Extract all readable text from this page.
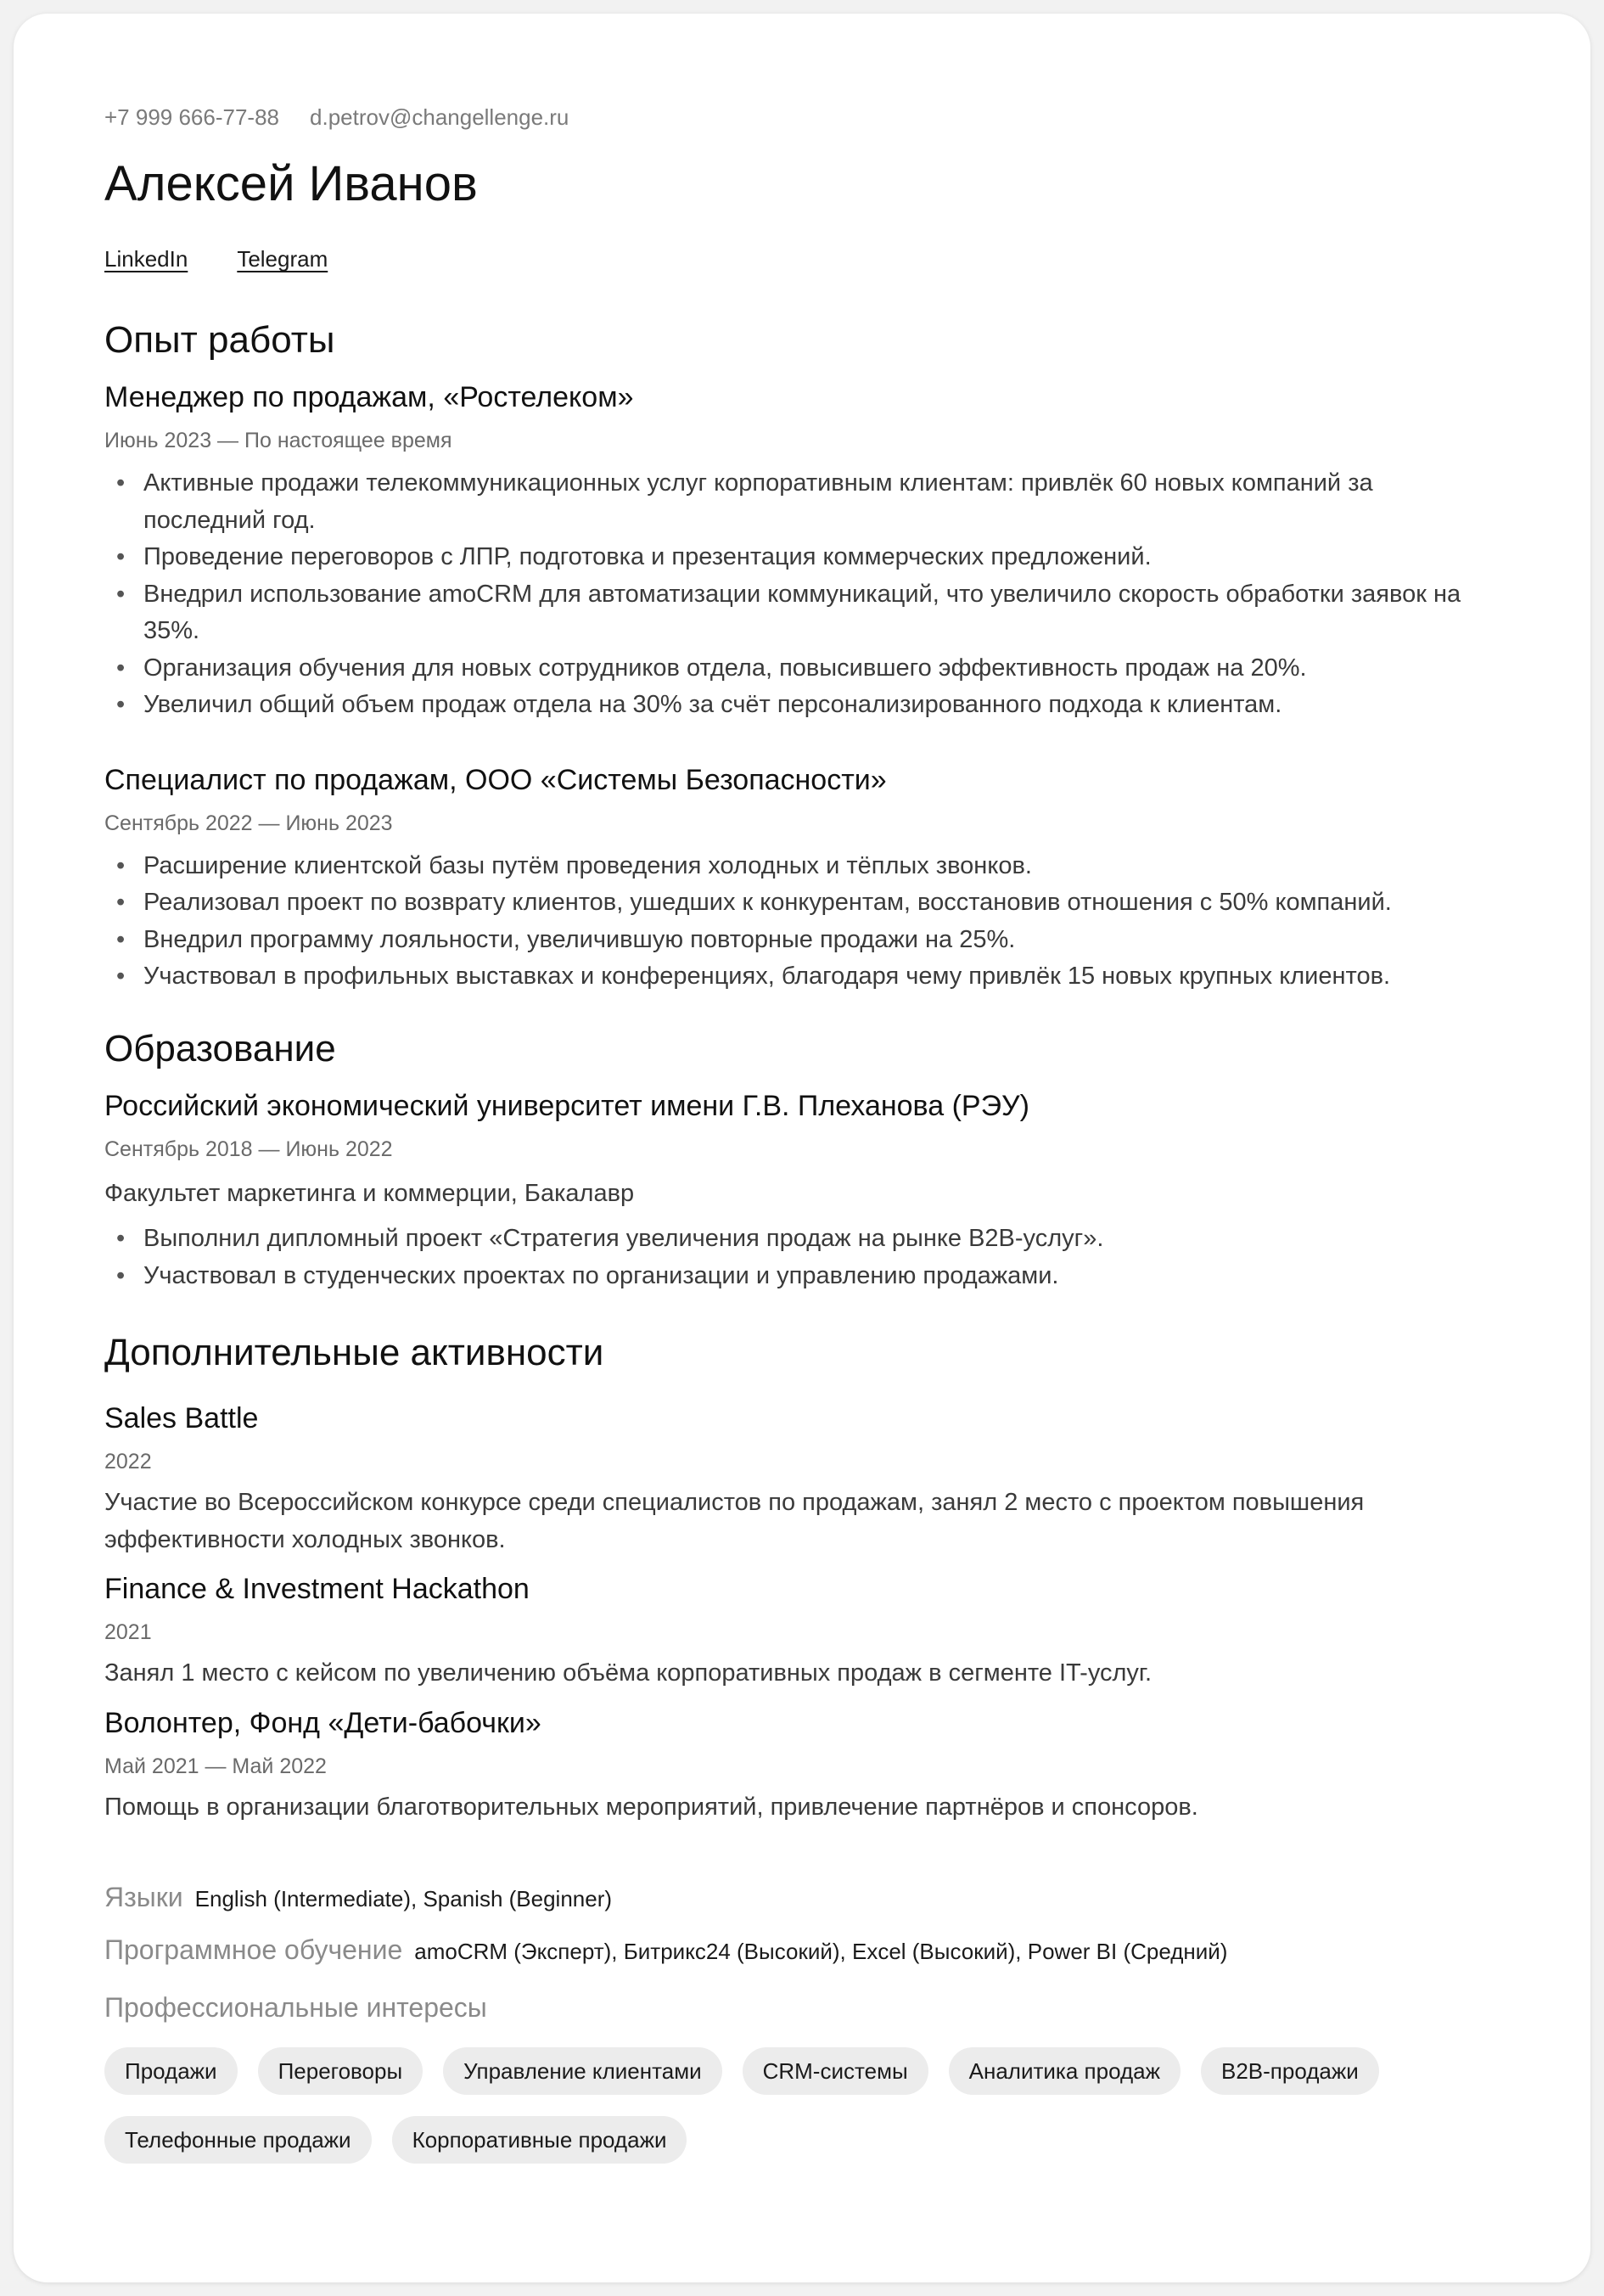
+7 999 666-77-88 d.petrov@changellenge.ru
Алексей Иванов
LinkedIn Telegram
Опыт работы
Менеджер по продажам, «Ростелеком»
Июнь 2023 — По настоящее время
• Активные продажи телекоммуникационных услуг корпоративным клиентам: привлёк 60 новых компаний за последний год.
• Проведение переговоров с ЛПР, подготовка и презентация коммерческих предложений.
• Внедрил использование amoCRM для автоматизации коммуникаций, что увеличило скорость обработки заявок на 35%.
• Организация обучения для новых сотрудников отдела, повысившего эффективность продаж на 20%.
• Увеличил общий объем продаж отдела на 30% за счёт персонализированного подхода к клиентам.
Специалист по продажам, ООО «Системы Безопасности»
Сентябрь 2022 — Июнь 2023
• Расширение клиентской базы путём проведения холодных и тёплых звонков.
• Реализовал проект по возврату клиентов, ушедших к конкурентам, восстановив отношения с 50% компаний.
• Внедрил программу лояльности, увеличившую повторные продажи на 25%.
• Участвовал в профильных выставках и конференциях, благодаря чему привлёк 15 новых крупных клиентов.
Образование
Российский экономический университет имени Г.В. Плеханова (РЭУ)
Сентябрь 2018 — Июнь 2022
Факультет маркетинга и коммерции, Бакалавр
• Выполнил дипломный проект «Стратегия увеличения продаж на рынке B2B-услуг».
• Участвовал в студенческих проектах по организации и управлению продажами.
Дополнительные активности
Sales Battle
2022
Участие во Всероссийском конкурсе среди специалистов по продажам, занял 2 место с проектом повышения эффективности холодных звонков.
Finance & Investment Hackathon
2021
Занял 1 место с кейсом по увеличению объёма корпоративных продаж в сегменте IT-услуг.
Волонтер, Фонд «Дети-бабочки»
Май 2021 — Май 2022
Помощь в организации благотворительных мероприятий, привлечение партнёров и спонсоров.
Языки English (Intermediate), Spanish (Beginner)
Программное обучение amoCRM (Эксперт), Битрикс24 (Высокий), Excel (Высокий), Power BI (Средний)
Профессиональные интересы
Продажи	Переговоры	Управление клиентами	CRM-системы	Аналитика продаж	B2B-продажи
Телефонные продажи	Корпоративные продажи
